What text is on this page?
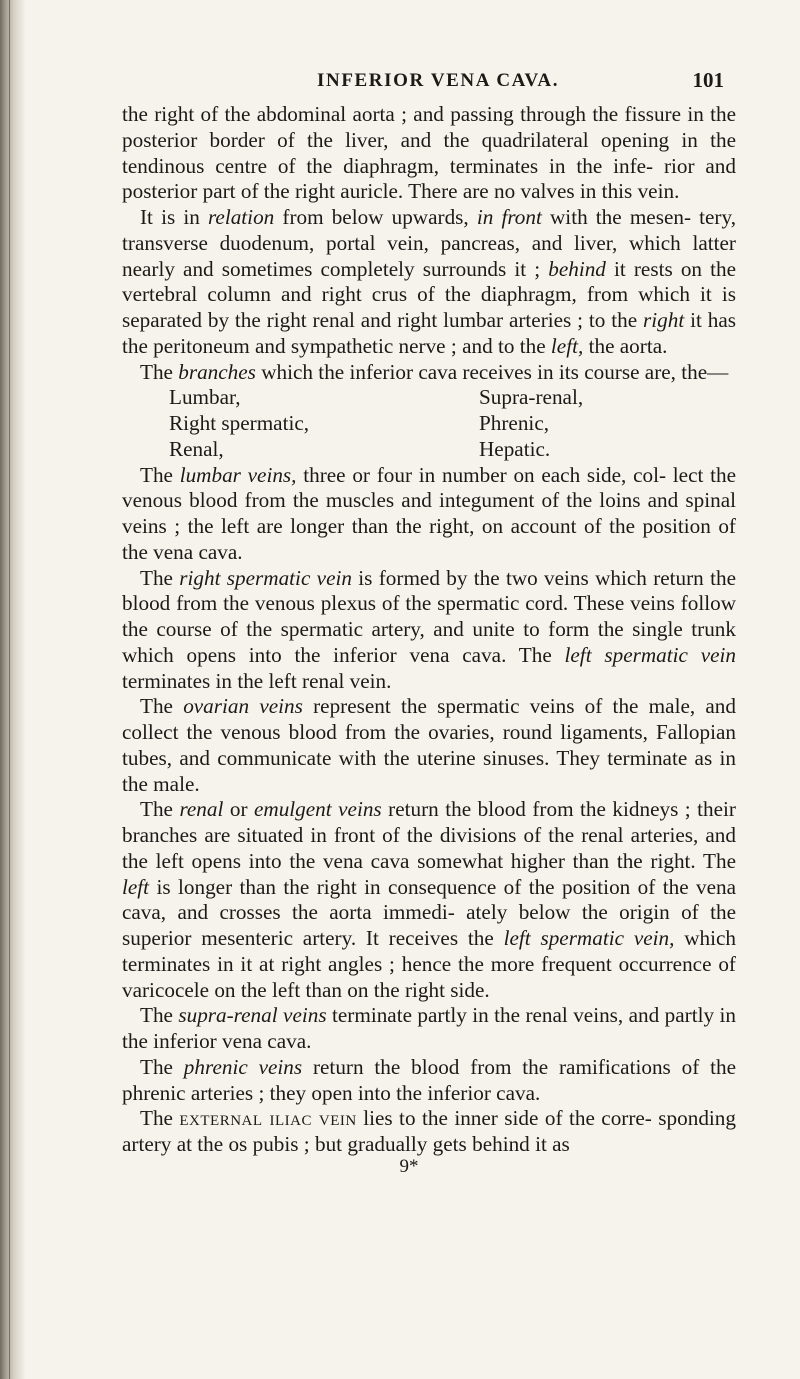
INFERIOR VENA CAVA.	101

the right of the abdominal aorta ; and passing through the fissure in the posterior border of the liver, and the quadrilateral opening in the tendinous centre of the diaphragm, terminates in the infe- rior and posterior part of the right auricle. There are no valves in this vein.

It is in relation from below upwards, in front with the mesen- tery, transverse duodenum, portal vein, pancreas, and liver, which latter nearly and sometimes completely surrounds it ; behind it rests on the vertebral column and right crus of the diaphragm, from which it is separated by the right renal and right lumbar arteries ; to the right it has the peritoneum and sympathetic nerve ; and to the left, the aorta.

The branches which the inferior cava receives in its course are, the—

Lumbar,
Right spermatic,
Renal,
Supra-renal,
Phrenic,
Hepatic.

The lumbar veins, three or four in number on each side, col- lect the venous blood from the muscles and integument of the loins and spinal veins ; the left are longer than the right, on account of the position of the vena cava.

The right spermatic vein is formed by the two veins which return the blood from the venous plexus of the spermatic cord. These veins follow the course of the spermatic artery, and unite to form the single trunk which opens into the inferior vena cava. The left spermatic vein terminates in the left renal vein.

The ovarian veins represent the spermatic veins of the male, and collect the venous blood from the ovaries, round ligaments, Fallopian tubes, and communicate with the uterine sinuses. They terminate as in the male.

The renal or emulgent veins return the blood from the kidneys ; their branches are situated in front of the divisions of the renal arteries, and the left opens into the vena cava somewhat higher than the right. The left is longer than the right in consequence of the position of the vena cava, and crosses the aorta immedi- ately below the origin of the superior mesenteric artery. It receives the left spermatic vein, which terminates in it at right angles ; hence the more frequent occurrence of varicocele on the left than on the right side.

The supra-renal veins terminate partly in the renal veins, and partly in the inferior vena cava.

The phrenic veins return the blood from the ramifications of the phrenic arteries ; they open into the inferior cava.

The external iliac vein lies to the inner side of the corre- sponding artery at the os pubis ; but gradually gets behind it as

9*
